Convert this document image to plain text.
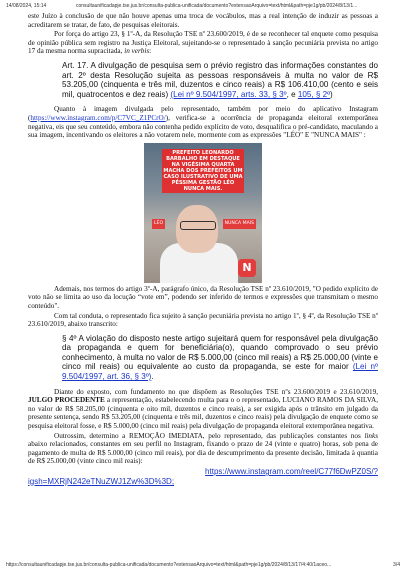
14/08/2024, 15:14	consultaunificadapje.tse.jus.br/consulta-publica-unificada/documento?extensaoArquivo=text/html&path=pje1g/pb/2024/8/13/1...

este Juízo à conclusão de que não houve apenas uma troca de vocábulos, mas a real intenção de induzir as pessoas a acreditarem se tratar, de fato, de pesquisas eleitorais.

Por força do artigo 23, § 1º-A, da Resolução TSE nº 23.600/2019, é de se reconhecer tal enquete como pesquisa de opinião pública sem registro na Justiça Eleitoral, sujeitando-se o representado à sanção pecuniária prevista no artigo 17 da mesma norma supracitada, in verbis:

Art. 17. A divulgação de pesquisa sem o prévio registro das informações constantes do art. 2º desta Resolução sujeita as pessoas responsáveis à multa no valor de R$ 53.205,00 (cinquenta e três mil, duzentos e cinco reais) a R$ 106.410,00 (cento e seis mil, quatrocentos e dez reais) (Lei nº 9.504/1997, arts. 33, § 3º, e 105, § 2º)

Quanto à imagem divulgada pelo representado, também por meio do aplicativo Instagram (https://www.instagram.com/p/C7VC_Z1PCrO/), verifica-se a ocorrência de propaganda eleitoral extemporânea negativa, eis que seu conteúdo, embora não contenha pedido explícito de voto, desqualifica o pré-candidato, maculando a sua imagem, incentivando os eleitores a não votarem nele, mormente com as expressões "LÉO" E "NUNCA MAIS" :

PREFEITO LEONARDO BARBALHO EM DESTAQUE NA VIGÉSIMA QUARTA MACHA DOS PREFEITOS UM CASO ILUSTRATIVO DE UMA PÉSSIMA GESTÃO LÉO NUNCA MAIS.
LÉO	NUNCA MAIS
N

Ademais, nos termos do artigo 3º-A, parágrafo único, da Resolução TSE nº 23.610/2019, "O pedido explícito de voto não se limita ao uso da locução “vote em”, podendo ser inferido de termos e expressões que transmitam o mesmo conteúdo".

Com tal conduta, o representado fica sujeito à sanção pecuniária prevista no artigo 1º, § 4º, da Resolução TSE nº 23.610/2019, abaixo transcrito:

§ 4º A violação do disposto neste artigo sujeitará quem for responsável pela divulgação da propaganda e quem for beneficiária(o), quando comprovado o seu prévio conhecimento, à multa no valor de R$ 5.000,00 (cinco mil reais) a R$ 25.000,00 (vinte e cinco mil reais) ou equivalente ao custo da propaganda, se este for maior (Lei nº 9.504/1997, art. 36, § 3º).

Diante do exposto, com fundamento no que dispõem as Resoluções TSE nºs 23.600/2019 e 23.610/2019, JULGO PROCEDENTE a representação, estabelecendo multa para o o representado, LUCIANO RAMOS DA SILVA, no valor de R$ 58.205,00 (cinquenta e oito mil, duzentos e cinco reais), a ser exigida após o trânsito em julgado da presente sentença, sendo R$ 53.205,00 (cinquenta e três mil, duzentos e cinco reais) pela divulgação de enquete como se pesquisa eleitoral fosse, e R$ 5.000,00 (cinco mil reais) pela divulgação de propaganda eleitoral extemporânea negativa.

Outrossim, determino a REMOÇÃO IMEDIATA, pelo representado, das publicações constantes nos links abaixo relacionados, constantes em seu perfil no Instagram, fixando o prazo de 24 (vinte e quatro) horas, sob pena de pagamento de multa de R$ 5.000,00 (cinco mil reais), por dia de descumprimento da presente decisão, limitada à quantia de R$ 25.000,00 (vinte cinco mil reais):

https://www.instagram.com/reel/C77f6DwPZ0S/?

igsh=MXRjN242eTNuZWJ1Zw%3D%3D;

https://consultaunificadapje.tse.jus.br/consulta-publica-unificada/documento?extensaoArquivo=text/html&path=pje1g/pb/2024/8/13/17/4:40/1aceo...	3/4
